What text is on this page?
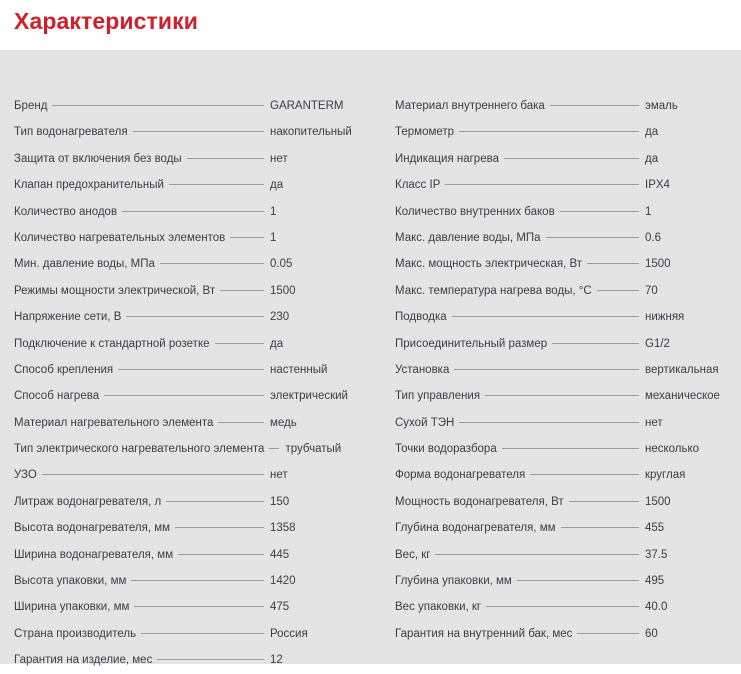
Характеристики
Бренд	GARANTERM
Тип водонагревателя	накопительный
Защита от включения без воды	нет
Клапан предохранительный	да
Количество анодов	1
Количество нагревательных элементов	1
Мин. давление воды, МПа	0.05
Режимы мощности электрической, Вт	1500
Напряжение сети, В	230
Подключение к стандартной розетке	да
Способ крепления	настенный
Способ нагрева	электрический
Материал нагревательного элемента	медь
Тип электрического нагревательного элемента	трубчатый
УЗО	нет
Литраж водонагревателя, л	150
Высота водонагревателя, мм	1358
Ширина водонагревателя, мм	445
Высота упаковки, мм	1420
Ширина упаковки, мм	475
Страна производитель	Россия
Гарантия на изделие, мес	12
Материал внутреннего бака	эмаль
Термометр	да
Индикация нагрева	да
Класс IP	IPX4
Количество внутренних баков	1
Макс. давление воды, МПа	0.6
Макс. мощность электрическая, Вт	1500
Макс. температура нагрева воды, °C	70
Подводка	нижняя
Присоединительный размер	G1/2
Установка	вертикальная
Тип управления	механическое
Сухой ТЭН	нет
Точки водоразбора	несколько
Форма водонагревателя	круглая
Мощность водонагревателя, Вт	1500
Глубина водонагревателя, мм	455
Вес, кг	37.5
Глубина упаковки, мм	495
Вес упаковки, кг	40.0
Гарантия на внутренний бак, мес	60
